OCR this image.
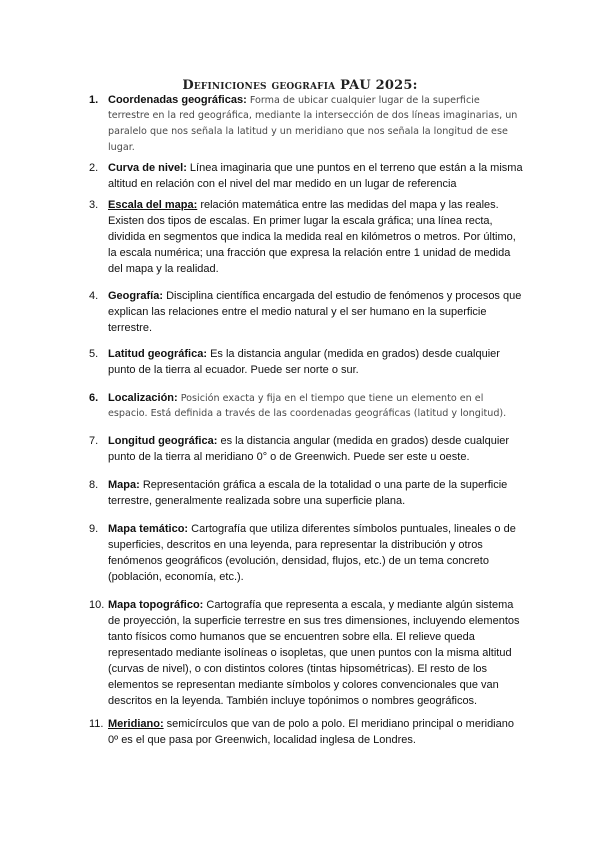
Definiciones geografia PAU 2025:
1. Coordenadas geográficas: Forma de ubicar cualquier lugar de la superficie
terrestre en la red geográfica, mediante la intersección de dos líneas imaginarias, un
paralelo que nos señala la latitud y un meridiano que nos señala la longitud de ese
lugar.
2. Curva de nivel: Línea imaginaria que une puntos en el terreno que están a la misma
altitud en relación con el nivel del mar medido en un lugar de referencia
3. Escala del mapa: relación matemática entre las medidas del mapa y las reales.
Existen dos tipos de escalas. En primer lugar la escala gráfica; una línea recta,
dividida en segmentos que indica la medida real en kilómetros o metros. Por último,
la escala numérica; una fracción que expresa la relación entre 1 unidad de medida
del mapa y la realidad.
4. Geografía: Disciplina científica encargada del estudio de fenómenos y procesos que
explican las relaciones entre el medio natural y el ser humano en la superficie
terrestre.
5. Latitud geográfica: Es la distancia angular (medida en grados) desde cualquier
punto de la tierra al ecuador. Puede ser norte o sur.
6. Localización: Posición exacta y fija en el tiempo que tiene un elemento en el
espacio. Está definida a través de las coordenadas geográficas (latitud y longitud).
7. Longitud geográfica: es la distancia angular (medida en grados) desde cualquier
punto de la tierra al meridiano 0° o de Greenwich. Puede ser este u oeste.
8. Mapa: Representación gráfica a escala de la totalidad o una parte de la superficie
terrestre, generalmente realizada sobre una superficie plana.
9. Mapa temático: Cartografía que utiliza diferentes símbolos puntuales, lineales o de
superficies, descritos en una leyenda, para representar la distribución y otros
fenómenos geográficos (evolución, densidad, flujos, etc.) de un tema concreto
(población, economía, etc.).
10. Mapa topográfico: Cartografía que representa a escala, y mediante algún sistema
de proyección, la superficie terrestre en sus tres dimensiones, incluyendo elementos
tanto físicos como humanos que se encuentren sobre ella. El relieve queda
representado mediante isolíneas o isopletas, que unen puntos con la misma altitud
(curvas de nivel), o con distintos colores (tintas hipsométricas). El resto de los
elementos se representan mediante símbolos y colores convencionales que van
descritos en la leyenda. También incluye topónimos o nombres geográficos.
11. Meridiano: semicírculos que van de polo a polo. El meridiano principal o meridiano
0º es el que pasa por Greenwich, localidad inglesa de Londres.
